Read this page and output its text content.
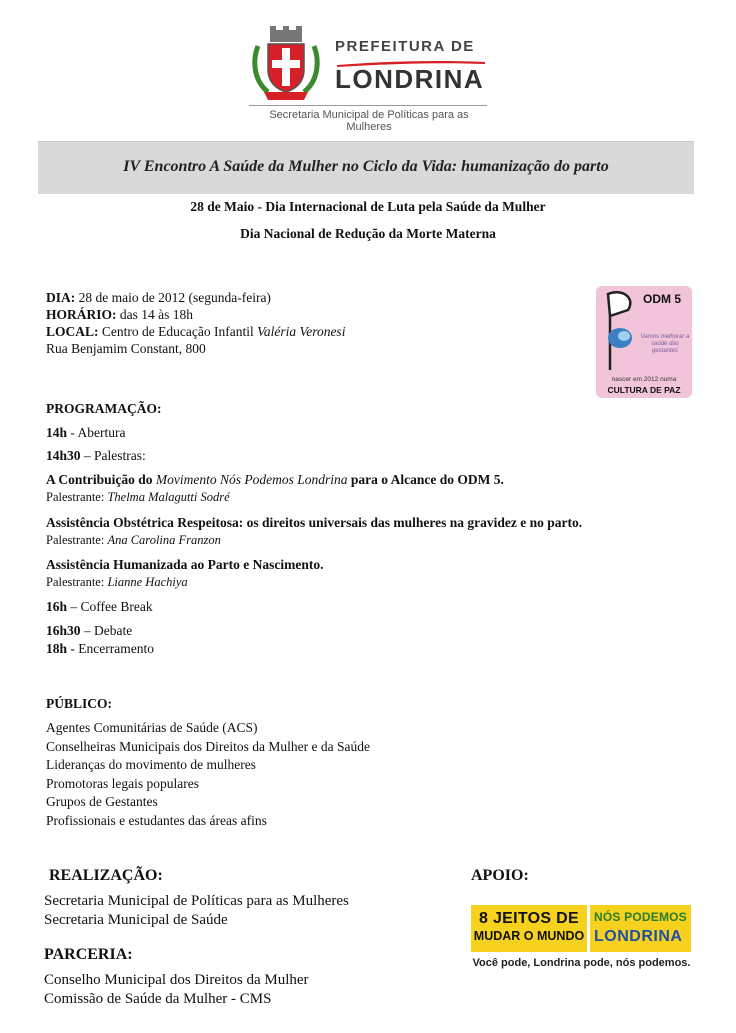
PREFEITURA DE
LONDRINA
Secretaria Municipal de Políticas para as Mulheres
IV Encontro A Saúde da Mulher no Ciclo da Vida: humanização do parto
28 de Maio - Dia Internacional de Luta pela Saúde da Mulher
Dia Nacional de Redução da Morte Materna
DIA: 28 de maio de 2012 (segunda-feira)
HORÁRIO: das 14 às 18h
LOCAL: Centro de Educação Infantil Valéria Veronesi
Rua Benjamim Constant, 800
ODM 5
Vamos melhorar a saúde das gestantes
nascer em 2012 numa
CULTURA DE PAZ
PROGRAMAÇÃO:
14h - Abertura
14h30 – Palestras:
A Contribuição do Movimento Nós Podemos Londrina para o Alcance do ODM 5.
Palestrante: Thelma Malagutti Sodré
Assistência Obstétrica Respeitosa: os direitos universais das mulheres na gravidez e no parto.
Palestrante: Ana Carolina Franzon
Assistência Humanizada ao Parto e Nascimento.
Palestrante: Lianne Hachiya
16h – Coffee Break
16h30 – Debate
18h - Encerramento
PÚBLICO:
Agentes Comunitárias de Saúde (ACS)
Conselheiras Municipais dos Direitos da Mulher e da Saúde
Lideranças do movimento de mulheres
Promotoras legais populares
Grupos de Gestantes
Profissionais e estudantes das áreas afins
REALIZAÇÃO:
Secretaria Municipal de Políticas para as Mulheres
Secretaria Municipal de Saúde
PARCERIA:
Conselho Municipal dos Direitos da Mulher
Comissão de Saúde da Mulher - CMS
APOIO:
8 JEITOS DE
MUDAR O MUNDO
NÓS PODEMOS
LONDRINA
Você pode, Londrina pode, nós podemos.
